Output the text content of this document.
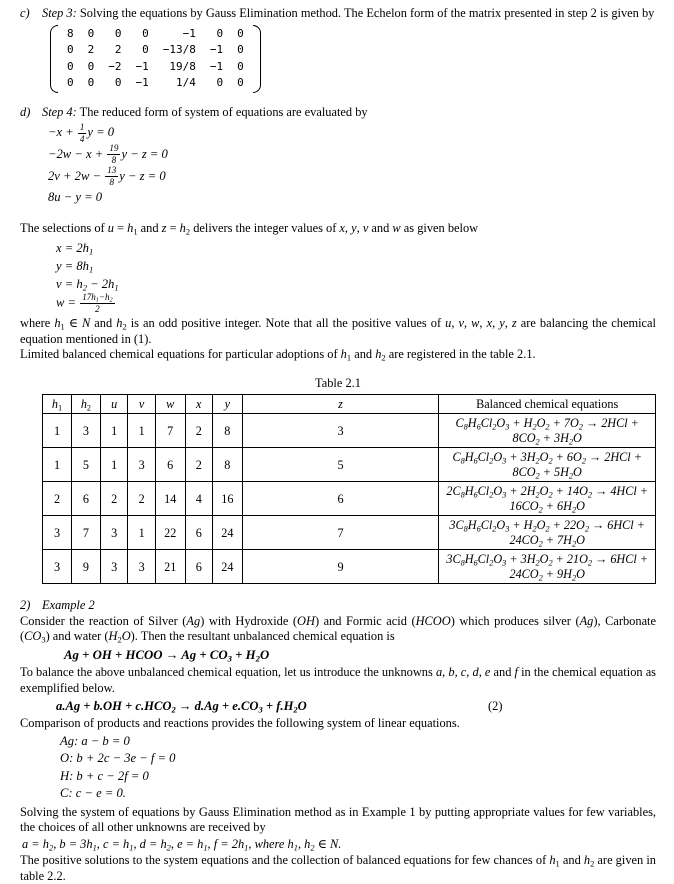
c) Step 3: Solving the equations by Gauss Elimination method. The Echelon form of the matrix presented in step 2 is given by

8	0	0	0	−1	0	0
0	2	2	0	−13/8	−1	0
0	0	−2	−1	19/8	−1	0
0	0	0	−1	1/4	0	0
d) Step 4: The reduced form of system of equations are evaluated by

$-x + \frac{1}{4}$ y = 0
$-2w - x + \frac{19}{8}$ y − z = 0
$2v + 2w - \frac{13}{8}$ y − z = 0
8u − y = 0

The selections of $u = h_1$ and $z = h_2$ delivers the integer values of x, y, v and w as given below

$x = 2h_1$
$y = 8h_1$
$v = h_2 - 2h_1$
$w = \frac{17h_1-h_2}{2}$

where $h_1$ ∈ N and $h_2$ is an odd positive integer. Note that all the positive values of u, v, w, x, y, z are balancing the chemical equation mentioned in (1).

Limited balanced chemical equations for particular adoptions of $h_1$ and $h_2$ are registered in the table 2.1.

Table 2.1

$h_1$	$h_2$	u	v	w	x	y	z	Balanced chemical equations
1	3	1	1	7	2	8	3	$C_8H_6Cl_2O_3 + H_2O_2 + 7O_2 \to 2HCl + 8CO_2 + 3H_2O$
1	5	1	3	6	2	8	5	$C_8H_6Cl_2O_3 + 3H_2O_2 + 6O_2 \to 2HCl + 8CO_2 + 5H_2O$
2	6	2	2	14	4	16	6	$2C_8H_6Cl_2O_3 + 2H_2O_2 + 14O_2 \to 4HCl + 16CO_2 + 6H_2O$
3	7	3	1	22	6	24	7	$3C_8H_6Cl_2O_3 + H_2O_2 + 22O_2 \to 6HCl + 24CO_2 + 7H_2O$
3	9	3	3	21	6	24	9	$3C_8H_6Cl_2O_3 + 3H_2O_2 + 21O_2 \to 6HCl + 24CO_2 + 9H_2O$
2) Example 2

Consider the reaction of Silver (Ag) with Hydroxide (OH) and Formic acid (HCOO) which produces silver (Ag), Carbonate $(CO_3)$ and water $(H_2O)$. Then the resultant unbalanced chemical equation is

Ag + OH + HCOO → $Ag + CO_3 + H_2O$

To balance the above unbalanced chemical equation, let us introduce the unknowns a, b, c, d, e and f in the chemical equation as exemplified below.

$a.Ag + b.OH + c.HCO_2 \to d.Ag + e.CO_3 + f.H_2O$	(2)

Comparison of products and reactions provides the following system of linear equations.

Ag: a − b = 0
O: b + 2c − 3e − f = 0
H: b + c − 2f = 0
C: c − e = 0.

Solving the system of equations by Gauss Elimination method as in Example 1 by putting appropriate values for few variables, the choices of all other unknowns are received by

$a = h_2$, $b = 3h_1$, $c = h_1$, $d = h_2$, $e = h_1$, $f = 2h_1$, where $h_1$, $h_2$ ∈ N.

The positive solutions to the system equations and the collection of balanced equations for few chances of $h_1$ and $h_2$ are given in table 2.2.
